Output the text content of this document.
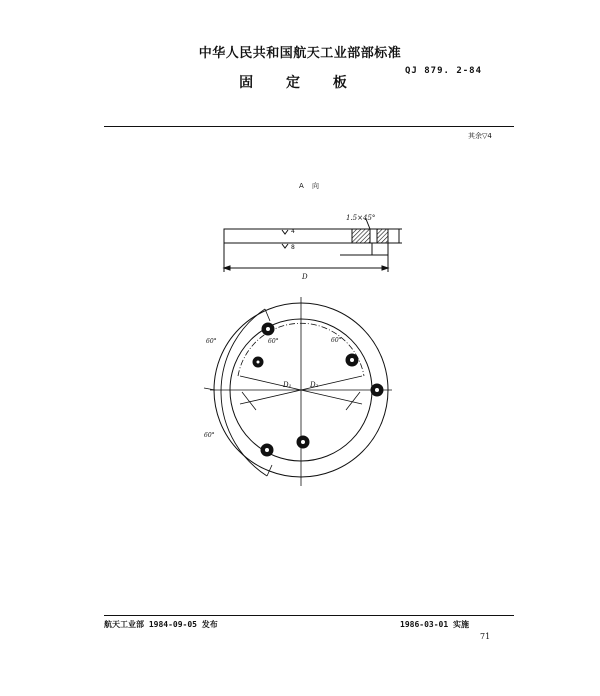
中华人民共和国航天工业部部标准
QJ 879. 2-84
固 定 板
其余▽4
A 向
4
8
1.5×45°
D
D₁	D₂
60°	60°	60°
60°
航天工业部 1984-09-05 发布	1986-03-01 实施
71
